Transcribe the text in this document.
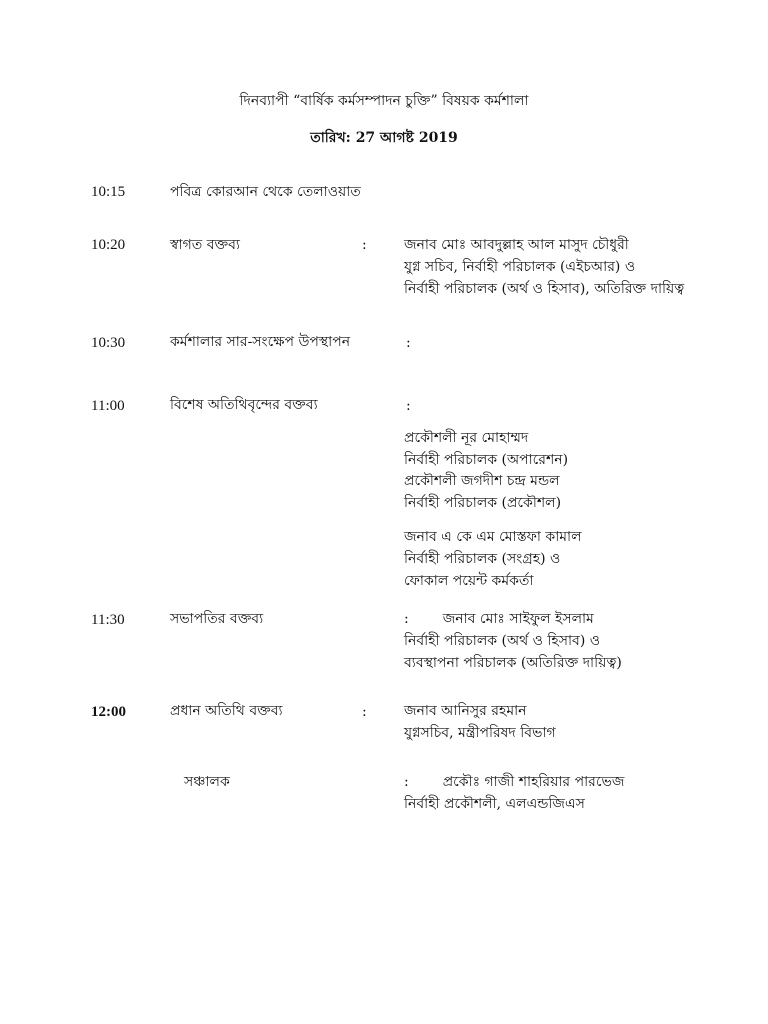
দিনব্যাপী “বার্ষিক কর্মসম্পাদন চুক্তি” বিষয়ক কর্মশালা
তারিখ: 27 আগষ্ট 2019
10:15	পবিত্র কোরআন থেকে তেলাওয়াত
10:20	স্বাগত বক্তব্য	:	জনাব মোঃ আবদুল্লাহ আল মাসুদ চৌধুরী
যুগ্ন সচিব, নির্বাহী পরিচালক (এইচআর) ও
নির্বাহী পরিচালক (অর্থ ও হিসাব), অতিরিক্ত দায়িত্ব
10:30	কর্মশালার সার-সংক্ষেপ উপস্থাপন	:
11:00	বিশেষ অতিথিবৃন্দের বক্তব্য	:
প্রকৌশলী নূর মোহাম্মদ
নির্বাহী পরিচালক (অপারেশন)
প্রকৌশলী জগদীশ চন্দ্র মন্ডল
নির্বাহী পরিচালক (প্রকৌশল)
জনাব এ কে এম মোস্তফা কামাল
নির্বাহী পরিচালক (সংগ্রহ) ও
ফোকাল পয়েন্ট কর্মকর্তা
11:30	সভাপতির বক্তব্য	: জনাব মোঃ সাইফুল ইসলাম
নির্বাহী পরিচালক (অর্থ ও হিসাব) ও
ব্যবস্থাপনা পরিচালক (অতিরিক্ত দায়িত্ব)
12:00	প্রধান অতিথি বক্তব্য	:	জনাব আনিসুর রহমান
যুগ্নসচিব, মন্ত্রীপরিষদ বিভাগ
সঞ্চালক	: প্রকৌঃ গাজী শাহরিয়ার পারভেজ
নির্বাহী প্রকৌশলী, এলএন্ডজিএস
